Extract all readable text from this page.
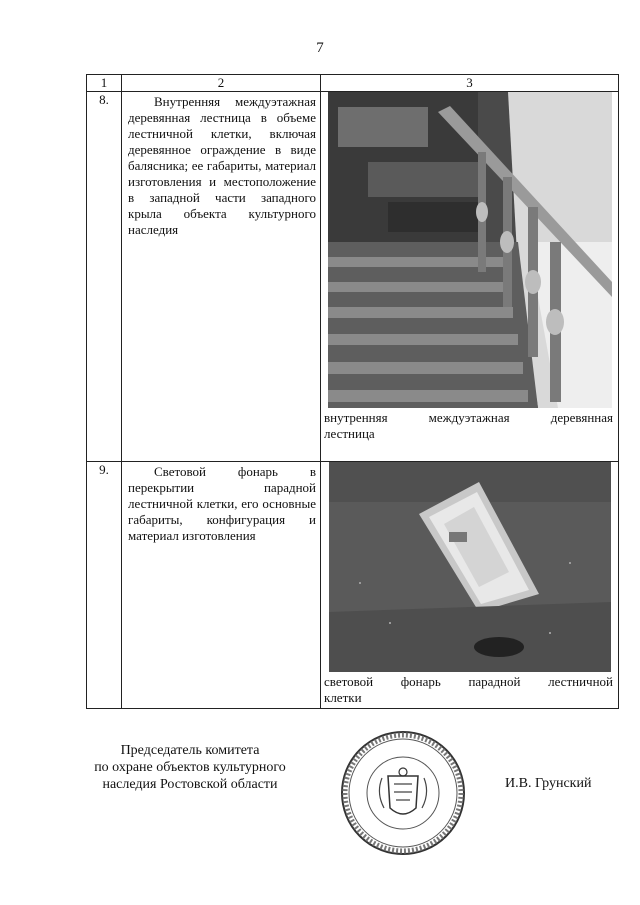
7
1	2	3
8.	Внутренняя междуэтажная деревянная лестница в объеме лестничной клетки, включая деревянное ограждение в виде балясника; ее габариты, материал изготовления и местоположение в западной части западного крыла объекта культурного наследия	внутренняя междуэтажная деревянная
лестница

9.	Световой фонарь в перекрытии парадной лестничной клетки, его основные габариты, конфигурация и материал изготовления	световой фонарь парадной лестничной
клетки
Председатель комитета
по охране объектов культурного
наследия Ростовской области	И.В. Грунский
